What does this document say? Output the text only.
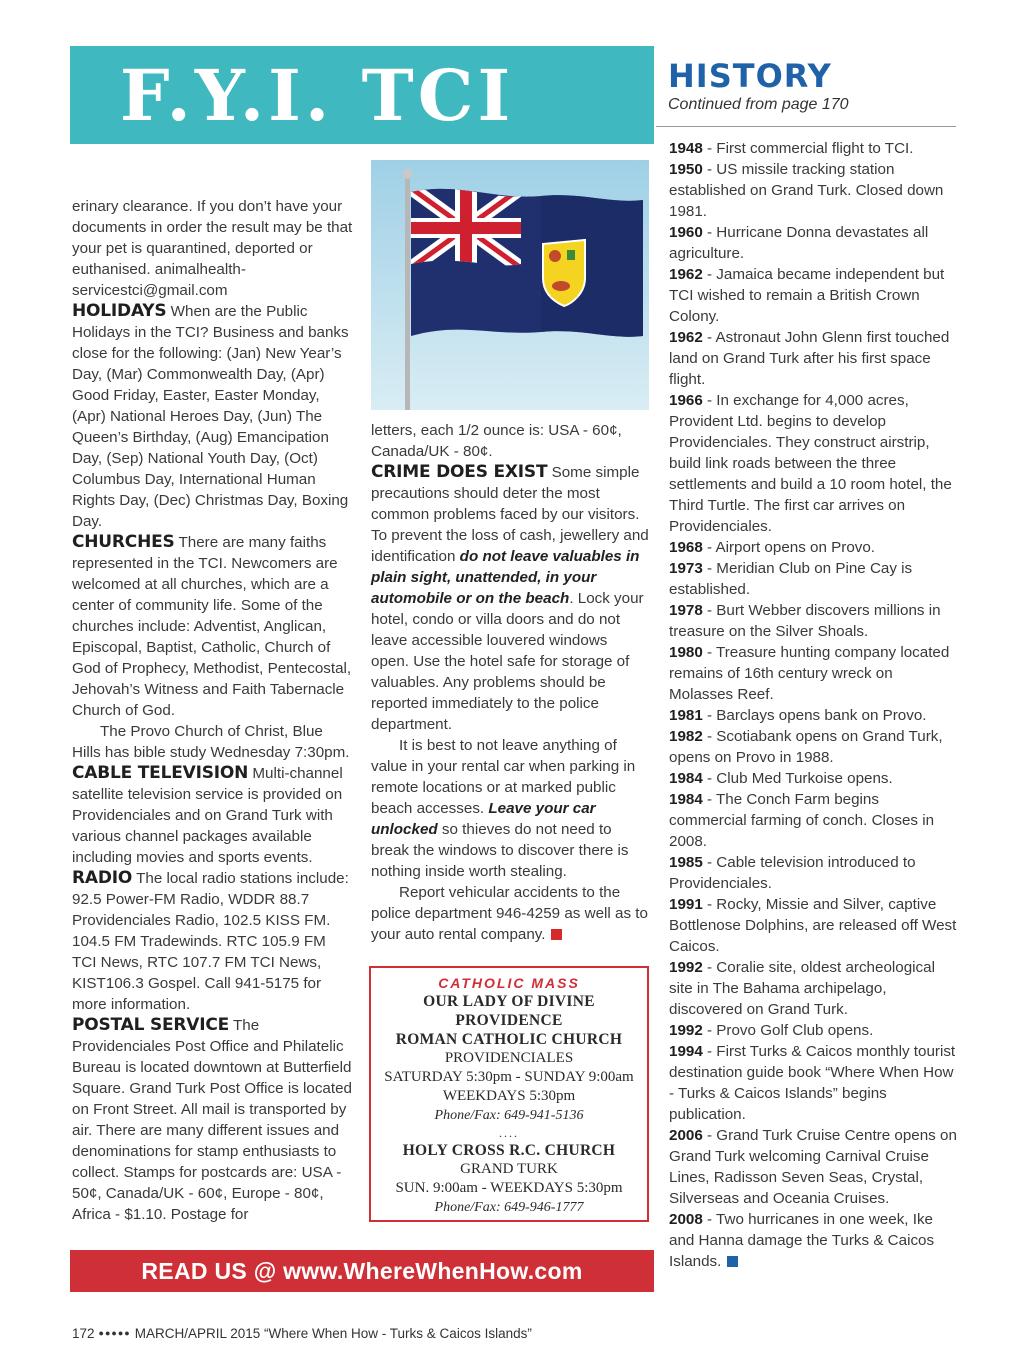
F.Y.I. TCI	HISTORY
Continued from page 170

erinary clearance. If you don’t have your documents in order the result may be that your pet is quarantined, deported or euthanised. animalhealth-servicestci@gmail.com

HOLIDAYS When are the Public Holidays in the TCI? Business and banks close for the following: (Jan) New Year’s Day, (Mar) Commonwealth Day, (Apr) Good Friday, Easter, Easter Monday, (Apr) National Heroes Day, (Jun) The Queen’s Birthday, (Aug) Emancipation Day, (Sep) National Youth Day, (Oct) Columbus Day, International Human Rights Day, (Dec) Christmas Day, Boxing Day.

CHURCHES There are many faiths represented in the TCI. Newcomers are welcomed at all churches, which are a center of community life. Some of the churches include: Adventist, Anglican, Episcopal, Baptist, Catholic, Church of God of Prophecy, Methodist, Pentecostal, Jehovah’s Witness and Faith Tabernacle Church of God.

The Provo Church of Christ, Blue Hills has bible study Wednesday 7:30pm.

CABLE TELEVISION Multi-channel satellite television service is provided on Providenciales and on Grand Turk with various channel packages available including movies and sports events.

RADIO The local radio stations include: 92.5 Power-FM Radio, WDDR 88.7 Providenciales Radio, 102.5 KISS FM. 104.5 FM Tradewinds. RTC 105.9 FM TCI News, RTC 107.7 FM TCI News, KIST106.3 Gospel. Call 941-5175 for more information.

POSTAL SERVICE The Providenciales Post Office and Philatelic Bureau is located downtown at Butterfield Square. Grand Turk Post Office is located on Front Street. All mail is transported by air. There are many different issues and denominations for stamp enthusiasts to collect. Stamps for postcards are: USA - 50¢, Canada/UK - 60¢, Europe - 80¢, Africa - $1.10. Postage for

letters, each 1/2 ounce is: USA - 60¢, Canada/UK - 80¢.

CRIME DOES EXIST Some simple precautions should deter the most common problems faced by our visitors. To prevent the loss of cash, jewellery and identification do not leave valuables in plain sight, unattended, in your automobile or on the beach. Lock your hotel, condo or villa doors and do not leave accessible louvered windows open. Use the hotel safe for storage of valuables. Any problems should be reported immediately to the police department.

It is best to not leave anything of value in your rental car when parking in remote locations or at marked public beach accesses. Leave your car unlocked so thieves do not need to break the windows to discover there is nothing inside worth stealing.

Report vehicular accidents to the police department 946-4259 as well as to your auto rental company.

CATHOLIC MASS
OUR LADY OF DIVINE
PROVIDENCE
ROMAN CATHOLIC CHURCH
PROVIDENCIALES
SATURDAY 5:30pm - SUNDAY 9:00am
WEEKDAYS 5:30pm
Phone/Fax: 649-941-5136
....
HOLY CROSS R.C. CHURCH
GRAND TURK
SUN. 9:00am - WEEKDAYS 5:30pm
Phone/Fax: 649-946-1777

1948 - First commercial flight to TCI.

1950 - US missile tracking station established on Grand Turk. Closed down 1981.

1960 - Hurricane Donna devastates all agriculture.

1962 - Jamaica became independent but TCI wished to remain a British Crown Colony.

1962 - Astronaut John Glenn first touched land on Grand Turk after his first space flight.

1966 - In exchange for 4,000 acres, Provident Ltd. begins to develop Providenciales. They construct airstrip, build link roads between the three settlements and build a 10 room hotel, the Third Turtle. The first car arrives on Providenciales.

1968 - Airport opens on Provo.

1973 - Meridian Club on Pine Cay is established.

1978 - Burt Webber discovers millions in treasure on the Silver Shoals.

1980 - Treasure hunting company located remains of 16th century wreck on Molasses Reef.

1981 - Barclays opens bank on Provo.

1982 - Scotiabank opens on Grand Turk, opens on Provo in 1988.

1984 - Club Med Turkoise opens.

1984 - The Conch Farm begins commercial farming of conch. Closes in 2008.

1985 - Cable television introduced to Providenciales.

1991 - Rocky, Missie and Silver, captive Bottlenose Dolphins, are released off West Caicos.

1992 - Coralie site, oldest archeological site in The Bahama archipelago, discovered on Grand Turk.

1992 - Provo Golf Club opens.

1994 - First Turks & Caicos monthly tourist destination guide book “Where When How - Turks & Caicos Islands” begins publication.

2006 - Grand Turk Cruise Centre opens on Grand Turk welcoming Carnival Cruise Lines, Radisson Seven Seas, Crystal, Silverseas and Oceania Cruises.

2008 - Two hurricanes in one week, Ike and Hanna damage the Turks & Caicos Islands.

READ US @ www.WhereWhenHow.com
172 ●●●●● MARCH/APRIL 2015 “Where When How - Turks & Caicos Islands”
